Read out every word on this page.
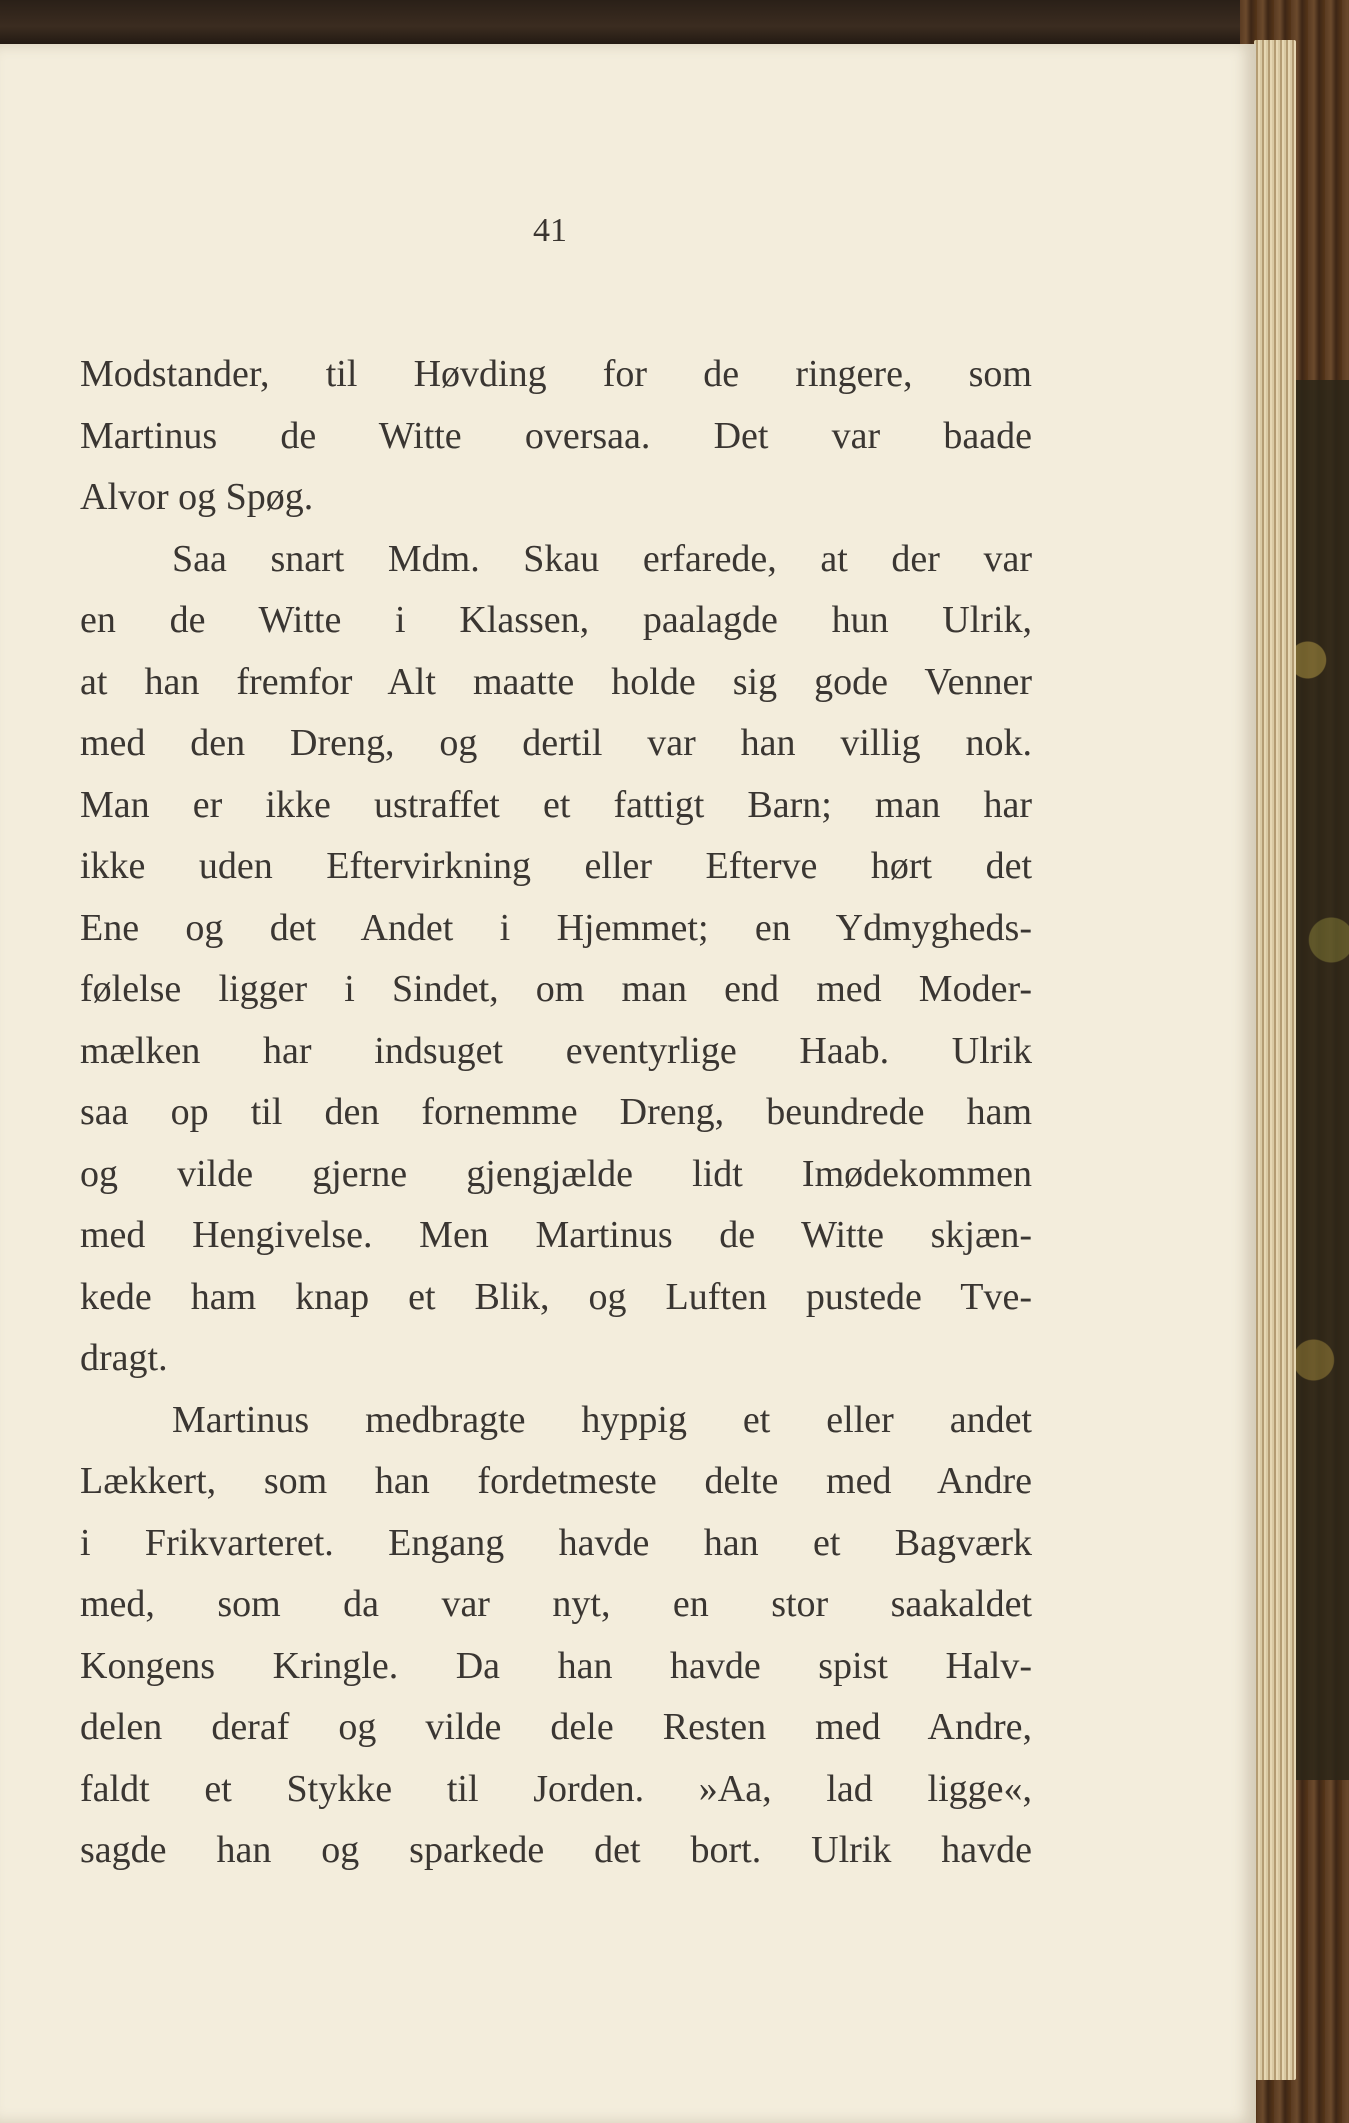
41
Modstander, til Høvding for de ringere, som
Martinus de Witte oversaa. Det var baade
Alvor og Spøg.
Saa snart Mdm. Skau erfarede, at der var
en de Witte i Klassen, paalagde hun Ulrik,
at han fremfor Alt maatte holde sig gode Venner
med den Dreng, og dertil var han villig nok.
Man er ikke ustraffet et fattigt Barn; man har
ikke uden Eftervirkning eller Efterve hørt det
Ene og det Andet i Hjemmet; en Ydmygheds-
følelse ligger i Sindet, om man end med Moder-
mælken har indsuget eventyrlige Haab. Ulrik
saa op til den fornemme Dreng, beundrede ham
og vilde gjerne gjengjælde lidt Imødekommen
med Hengivelse. Men Martinus de Witte skjæn-
kede ham knap et Blik, og Luften pustede Tve-
dragt.
Martinus medbragte hyppig et eller andet
Lækkert, som han fordetmeste delte med Andre
i Frikvarteret. Engang havde han et Bagværk
med, som da var nyt, en stor saakaldet
Kongens Kringle. Da han havde spist Halv-
delen deraf og vilde dele Resten med Andre,
faldt et Stykke til Jorden. »Aa, lad ligge«,
sagde han og sparkede det bort. Ulrik havde
